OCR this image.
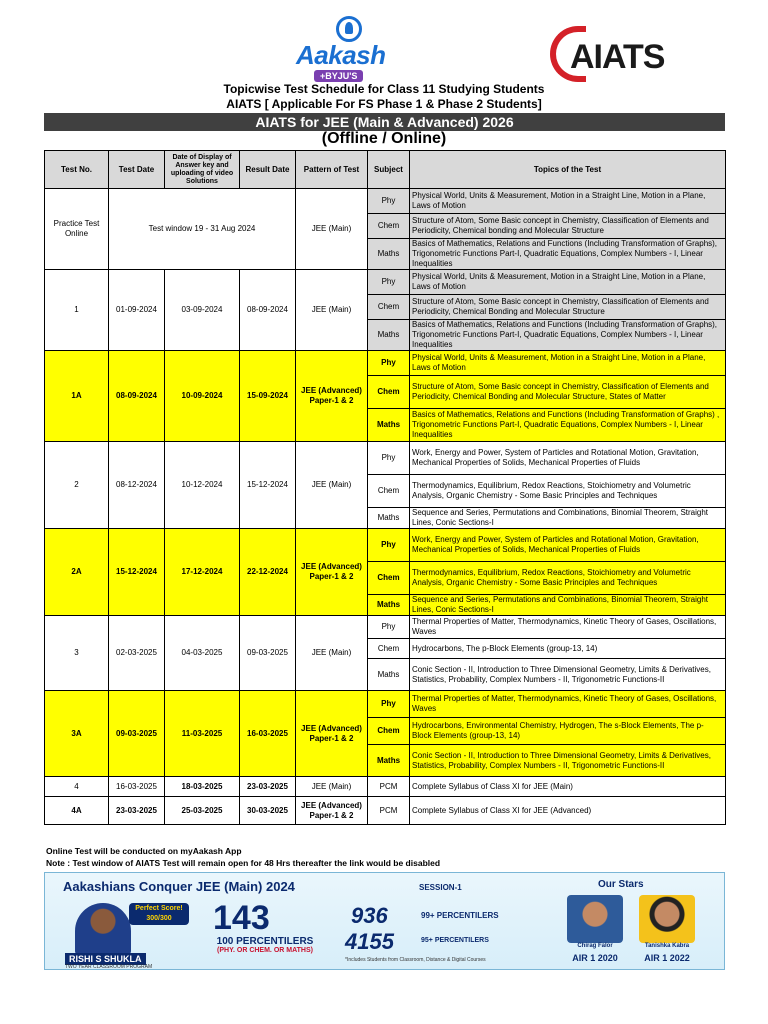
Aakash
+BYJU'S	AIATS
Topicwise Test Schedule for Class 11 Studying Students
AIATS [ Applicable For FS Phase 1 & Phase 2 Students]
AIATS for JEE (Main & Advanced) 2026
(Offline / Online)
Test No.	Test Date	Date of Display of Answer key and uploading of video Solutions	Result Date	Pattern of Test	Subject	Topics of the Test
Practice Test Online	Test window 19 - 31 Aug 2024			JEE (Main)	Phy	Physical World, Units & Measurement, Motion in a Straight Line, Motion in a Plane, Laws of Motion
					Chem	Structure of Atom, Some Basic concept in Chemistry, Classification of Elements and Periodicity, Chemical bonding and Molecular Structure
					Maths	Basics of Mathematics, Relations and Functions (Including Transformation of Graphs), Trigonometric Functions Part-I, Quadratic Equations, Complex Numbers - I, Linear Inequalities
1	01-09-2024	03-09-2024	08-09-2024	JEE (Main)	Phy	Physical World, Units & Measurement, Motion in a Straight Line, Motion in a Plane, Laws of Motion
					Chem	Structure of Atom, Some Basic concept in Chemistry, Classification of Elements and Periodicity, Chemical Bonding and Molecular Structure
					Maths	Basics of Mathematics, Relations and Functions (Including Transformation of Graphs), Trigonometric Functions Part-I, Quadratic Equations, Complex Numbers - I, Linear Inequalities
1A	08-09-2024	10-09-2024	15-09-2024	JEE (Advanced) Paper-1 & 2	Phy	Physical World, Units & Measurement, Motion in a Straight Line, Motion in a Plane, Laws of Motion
					Chem	Structure of Atom, Some Basic concept in Chemistry, Classification of Elements and Periodicity, Chemical Bonding and Molecular Structure, States of Matter
					Maths	Basics of Mathematics, Relations and Functions (Including Transformation of Graphs) , Trigonometric Functions Part-I, Quadratic Equations, Complex Numbers - I, Linear Inequalities
2	08-12-2024	10-12-2024	15-12-2024	JEE (Main)	Phy	Work, Energy and Power, System of Particles and Rotational Motion, Gravitation, Mechanical Properties of Solids, Mechanical Properties of Fluids
					Chem	Thermodynamics, Equilibrium, Redox Reactions, Stoichiometry and Volumetric Analysis, Organic Chemistry - Some Basic Principles and Techniques
					Maths	Sequence and Series, Permutations and Combinations, Binomial Theorem, Straight Lines, Conic Sections-I
2A	15-12-2024	17-12-2024	22-12-2024	JEE (Advanced) Paper-1 & 2	Phy	Work, Energy and Power, System of Particles and Rotational Motion, Gravitation, Mechanical Properties of Solids, Mechanical Properties of Fluids
					Chem	Thermodynamics, Equilibrium, Redox Reactions, Stoichiometry and Volumetric Analysis, Organic Chemistry - Some Basic Principles and Techniques
					Maths	Sequence and Series, Permutations and Combinations, Binomial Theorem, Straight Lines, Conic Sections-I
3	02-03-2025	04-03-2025	09-03-2025	JEE (Main)	Phy	Thermal Properties of Matter, Thermodynamics, Kinetic Theory of Gases, Oscillations, Waves
					Chem	Hydrocarbons, The p-Block Elements (group-13, 14)
					Maths	Conic Section - II, Introduction to Three Dimensional Geometry, Limits & Derivatives, Statistics, Probability, Complex Numbers - II, Trigonometric Functions-II
3A	09-03-2025	11-03-2025	16-03-2025	JEE (Advanced) Paper-1 & 2	Phy	Thermal Properties of Matter, Thermodynamics, Kinetic Theory of Gases, Oscillations, Waves
					Chem	Hydrocarbons, Environmental Chemistry, Hydrogen, The s-Block Elements, The p-Block Elements (group-13, 14)
					Maths	Conic Section - II, Introduction to Three Dimensional Geometry, Limits & Derivatives, Statistics, Probability, Complex Numbers - II, Trigonometric Functions-II
4	16-03-2025	18-03-2025	23-03-2025	JEE (Main)	PCM	Complete Syllabus of Class XI for JEE (Main)
4A	23-03-2025	25-03-2025	30-03-2025	JEE (Advanced) Paper-1 & 2	PCM	Complete Syllabus of Class XI for JEE (Advanced)
Online Test will be conducted on myAakash App
Note : Test window of AIATS Test will remain open for 48 Hrs thereafter the link would be disabled
Aakashians Conquer JEE (Main) 2024	SESSION-1
Perfect Score! 300/300
RISHI S SHUKLA
TWO YEAR CLASSROOM PROGRAM
143
100 PERCENTILERS
(PHY. OR CHEM. OR MATHS)
936	99+ PERCENTILERS
4155	95+ PERCENTILERS
*Includes Students from Classroom, Distance & Digital Courses
Our Stars
Chirag Falor	Tanishka Kabra
AIR 1 2020	AIR 1 2022
